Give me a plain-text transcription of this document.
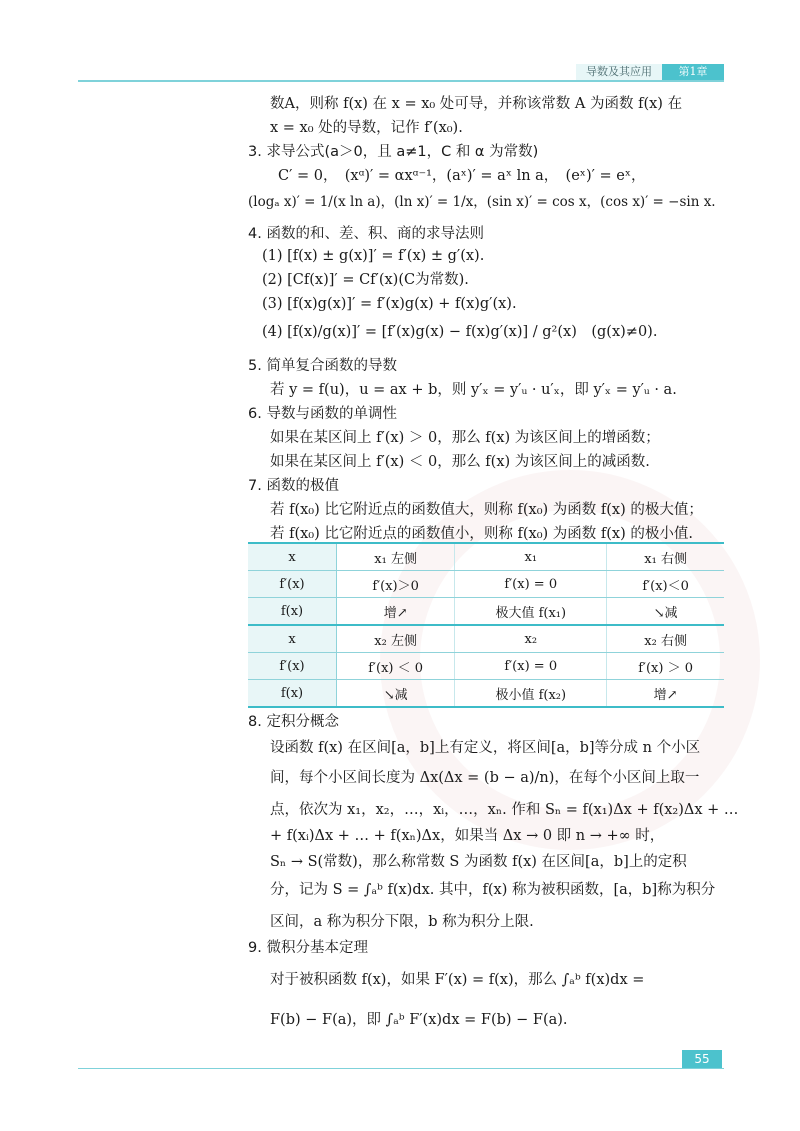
导数及其应用	第1章
数A，则称 f(x) 在 x = x₀ 处可导，并称该常数 A 为函数 f(x) 在
x = x₀ 处的导数，记作 f′(x₀).
3. 求导公式(a＞0，且 a≠1，C 和 α 为常数)
C′ = 0，　(xᵅ)′ = αxᵅ⁻¹，(aˣ)′ = aˣ ln a，　(eˣ)′ = eˣ，
(logₐ x)′ = 1/(x ln a)，(ln x)′ = 1/x，(sin x)′ = cos x，(cos x)′ = −sin x.
4. 函数的和、差、积、商的求导法则
(1) [f(x) ± g(x)]′ = f′(x) ± g′(x).
(2) [Cf(x)]′ = Cf′(x)(C为常数).
(3) [f(x)g(x)]′ = f′(x)g(x) + f(x)g′(x).
(4) [f(x)/g(x)]′ = [f′(x)g(x) − f(x)g′(x)] / g²(x)　(g(x)≠0).
5. 简单复合函数的导数
若 y = f(u)，u = ax + b，则 y′ₓ = y′ᵤ · u′ₓ，即 y′ₓ = y′ᵤ · a.
6. 导数与函数的单调性
如果在某区间上 f′(x) ＞ 0，那么 f(x) 为该区间上的增函数；
如果在某区间上 f′(x) ＜ 0，那么 f(x) 为该区间上的减函数.
7. 函数的极值
若 f(x₀) 比它附近点的函数值大，则称 f(x₀) 为函数 f(x) 的极大值；
若 f(x₀) 比它附近点的函数值小，则称 f(x₀) 为函数 f(x) 的极小值.
x	x₁ 左侧	x₁	x₁ 右侧
f′(x)	f′(x)＞0	f′(x) = 0	f′(x)＜0
f(x)	增↗	极大值 f(x₁)	↘减
x	x₂ 左侧	x₂	x₂ 右侧
f′(x)	f′(x) ＜ 0	f′(x) = 0	f′(x) ＞ 0
f(x)	↘减	极小值 f(x₂)	增↗
8. 定积分概念
设函数 f(x) 在区间[a，b]上有定义，将区间[a，b]等分成 n 个小区
间，每个小区间长度为 Δx(Δx = (b − a)/n)，在每个小区间上取一
点，依次为 x₁，x₂，…，xᵢ，…，xₙ. 作和 Sₙ = f(x₁)Δx + f(x₂)Δx + …
+ f(xᵢ)Δx + … + f(xₙ)Δx，如果当 Δx → 0 即 n → +∞ 时，
Sₙ → S(常数)，那么称常数 S 为函数 f(x) 在区间[a，b]上的定积
分，记为 S = ∫ₐᵇ f(x)dx. 其中，f(x) 称为被积函数，[a，b]称为积分
区间，a 称为积分下限，b 称为积分上限.
9. 微积分基本定理
对于被积函数 f(x)，如果 F′(x) = f(x)，那么 ∫ₐᵇ f(x)dx =
F(b) − F(a)，即 ∫ₐᵇ F′(x)dx = F(b) − F(a).
55
